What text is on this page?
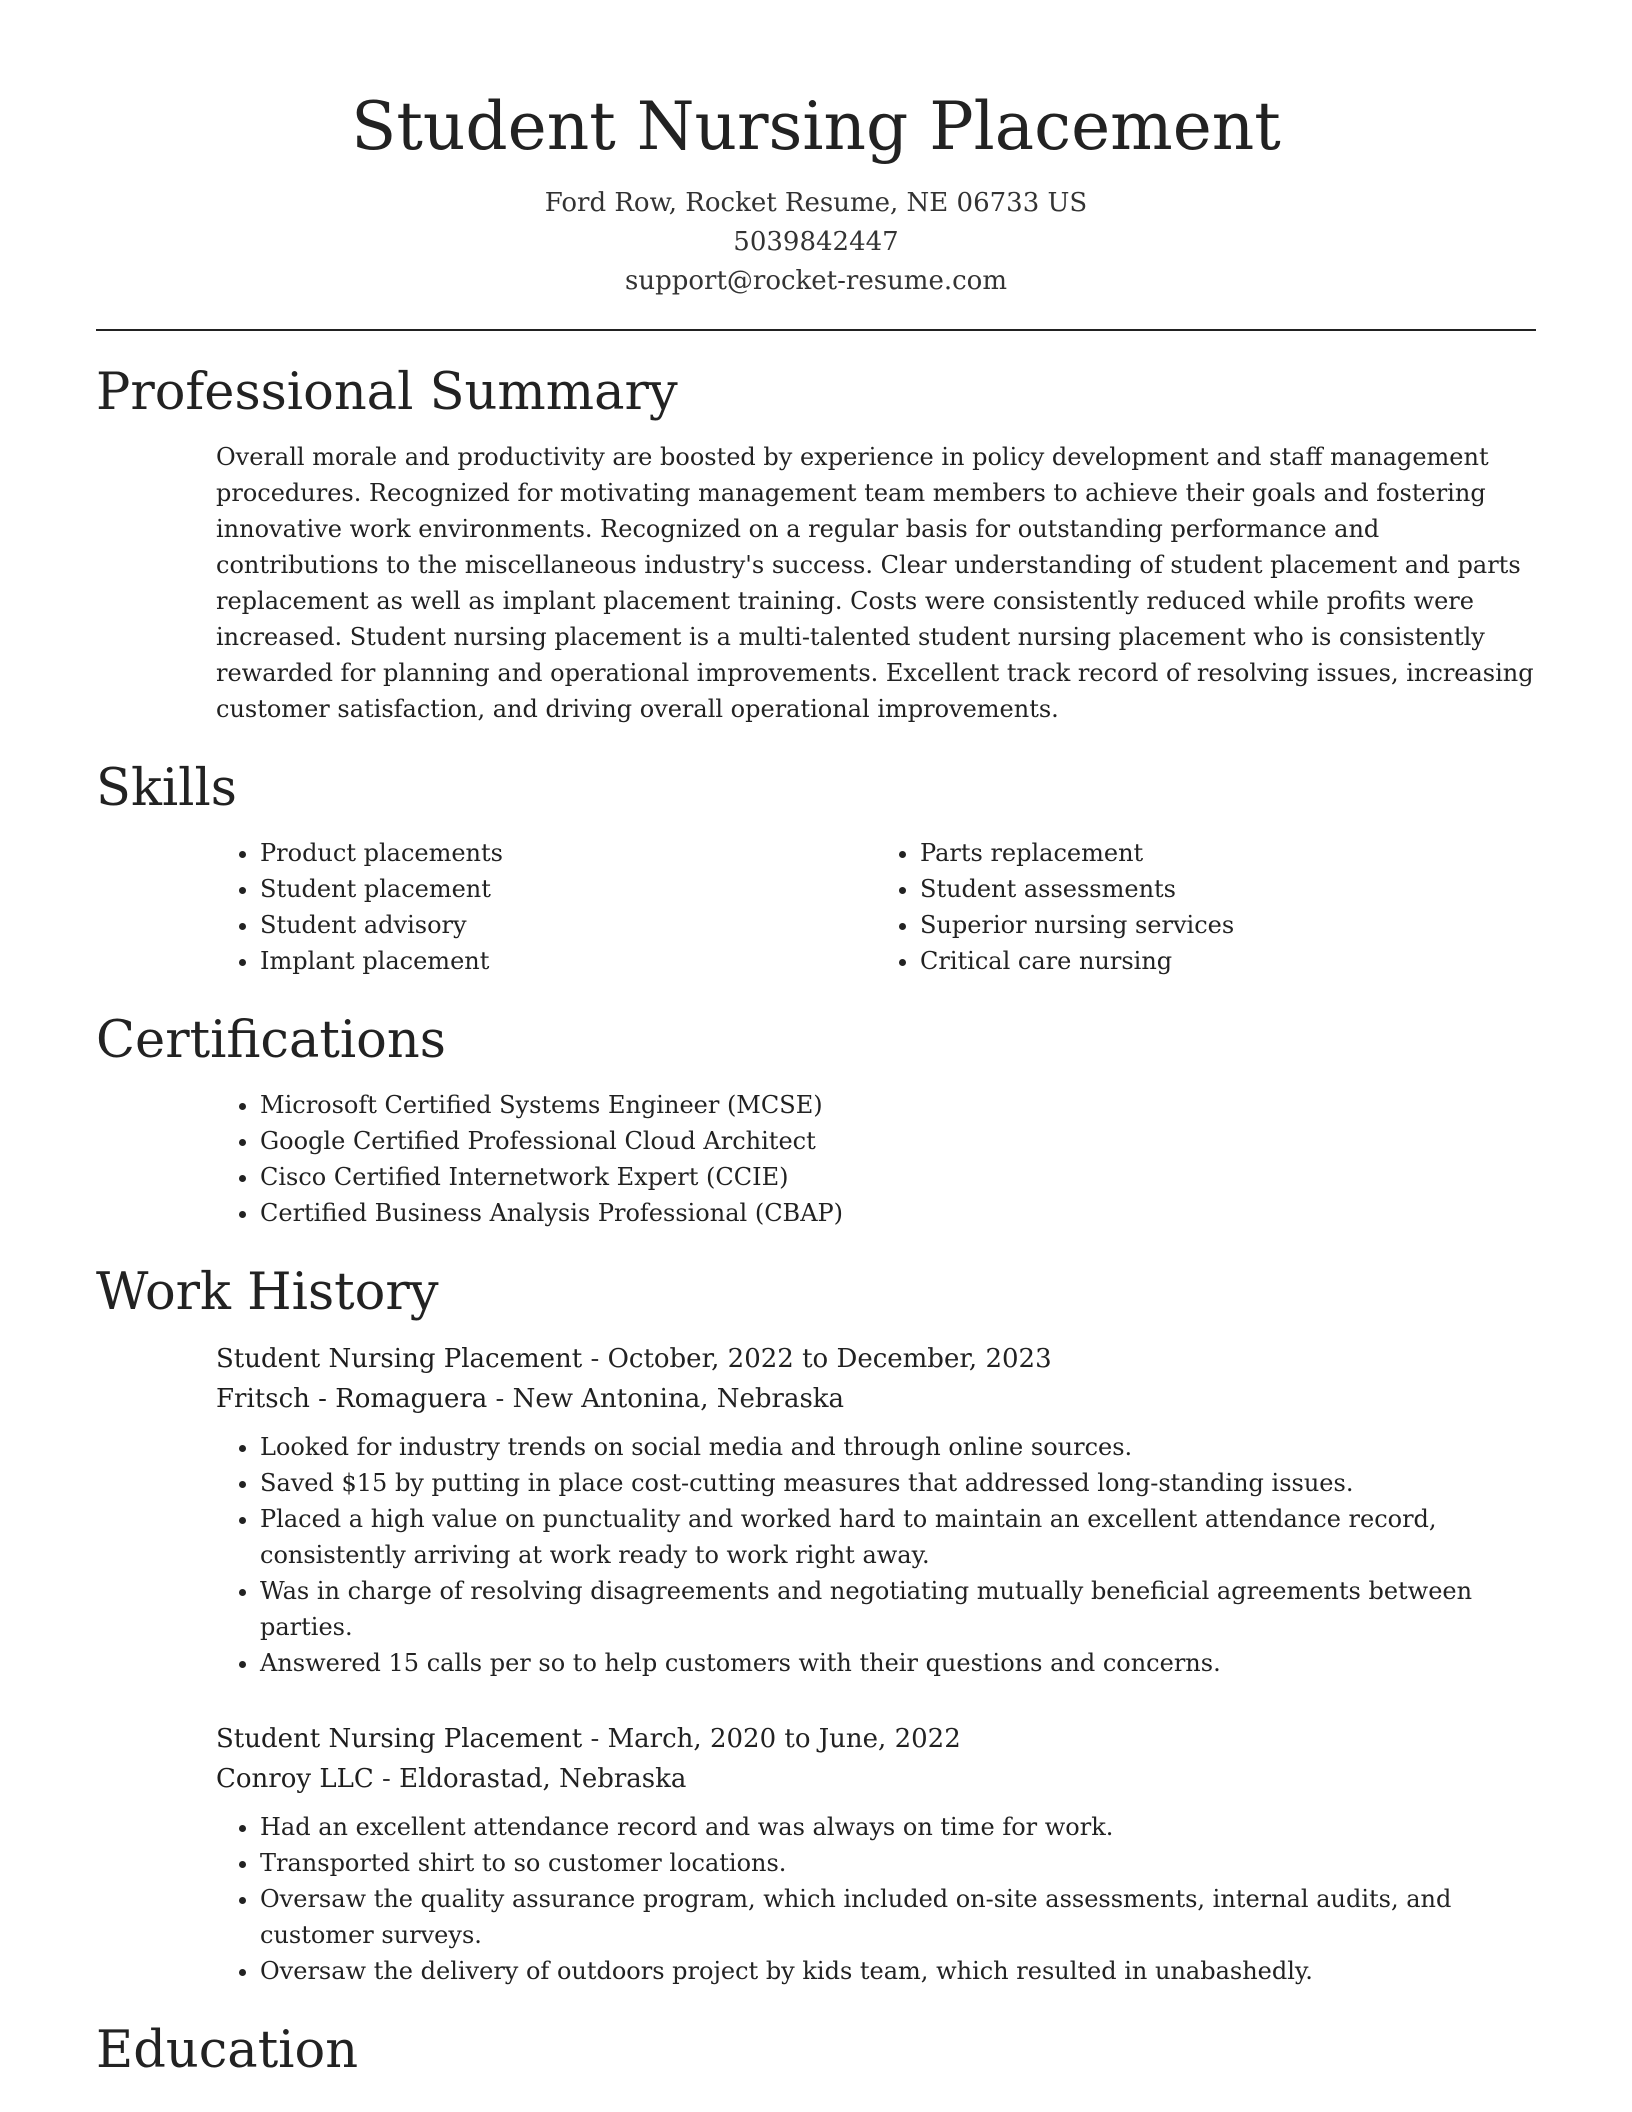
Student Nursing Placement
Ford Row, Rocket Resume, NE 06733 US
5039842447
support@rocket-resume.com
Professional Summary

Overall morale and productivity are boosted by experience in policy development and staff management procedures. Recognized for motivating management team members to achieve their goals and fostering innovative work environments. Recognized on a regular basis for outstanding performance and contributions to the miscellaneous industry's success. Clear understanding of student placement and parts replacement as well as implant placement training. Costs were consistently reduced while profits were increased. Student nursing placement is a multi-talented student nursing placement who is consistently rewarded for planning and operational improvements. Excellent track record of resolving issues, increasing customer satisfaction, and driving overall operational improvements.

Skills
• Product placements
• Student placement
• Student advisory
• Implant placement
• Parts replacement
• Student assessments
• Superior nursing services
• Critical care nursing
Certifications
• Microsoft Certified Systems Engineer (MCSE)
• Google Certified Professional Cloud Architect
• Cisco Certified Internetwork Expert (CCIE)
• Certified Business Analysis Professional (CBAP)
Work History
Student Nursing Placement - October, 2022 to December, 2023
Fritsch - Romaguera - New Antonina, Nebraska
• Looked for industry trends on social media and through online sources.
• Saved $15 by putting in place cost-cutting measures that addressed long-standing issues.
• Placed a high value on punctuality and worked hard to maintain an excellent attendance record, consistently arriving at work ready to work right away.
• Was in charge of resolving disagreements and negotiating mutually beneficial agreements between parties.
• Answered 15 calls per so to help customers with their questions and concerns.
Student Nursing Placement - March, 2020 to June, 2022
Conroy LLC - Eldorastad, Nebraska
• Had an excellent attendance record and was always on time for work.
• Transported shirt to so customer locations.
• Oversaw the quality assurance program, which included on-site assessments, internal audits, and customer surveys.
• Oversaw the delivery of outdoors project by kids team, which resulted in unabashedly.
Education
